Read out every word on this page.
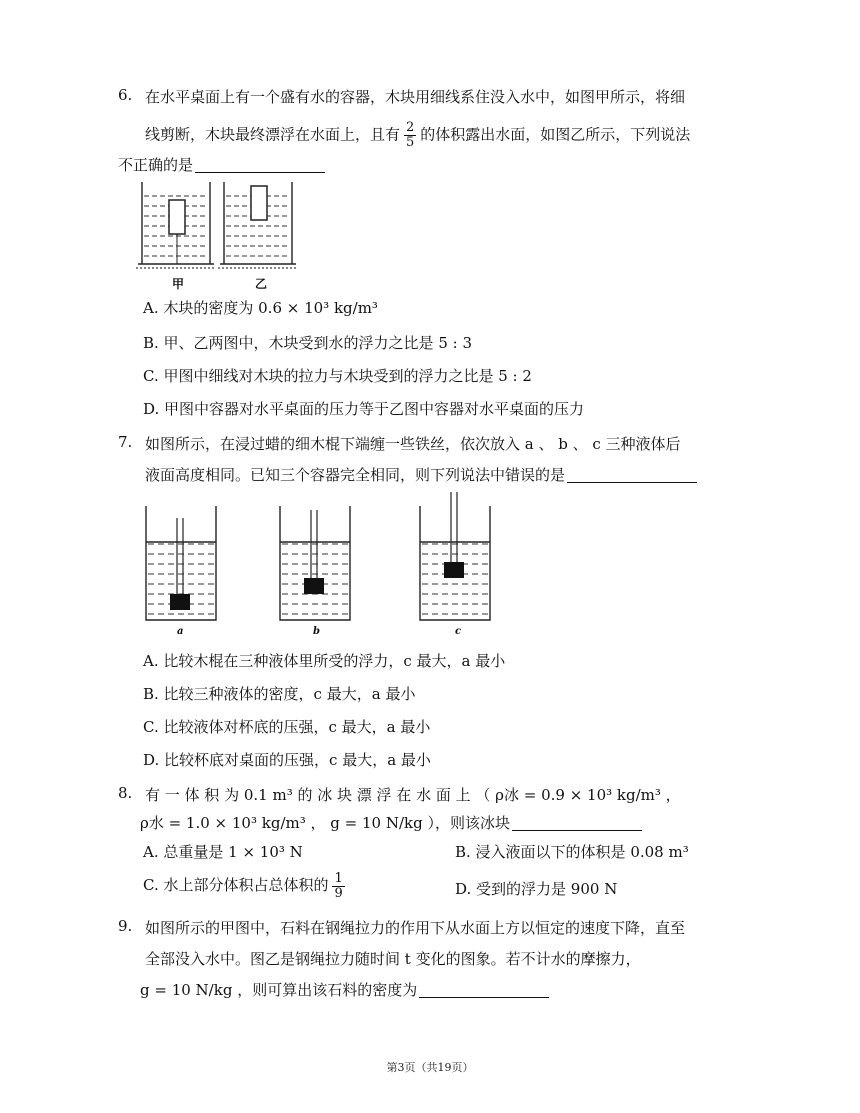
6. 在水平桌面上有一个盛有水的容器，木块用细线系住没入水中，如图甲所示，将细
线剪断，木块最终漂浮在水面上，且有 $\frac{2}{5}$ 的体积露出水面，如图乙所示，下列说法
不正确的是
甲	乙
A. 木块的密度为 0.6 × 10³ kg/m³
B. 甲、乙两图中，木块受到水的浮力之比是 5 : 3
C. 甲图中细线对木块的拉力与木块受到的浮力之比是 5 : 2
D. 甲图中容器对水平桌面的压力等于乙图中容器对水平桌面的压力
7. 如图所示，在浸过蜡的细木棍下端缠一些铁丝，依次放入 a 、 b 、 c 三种液体后
液面高度相同。已知三个容器完全相同，则下列说法中错误的是
a	b	c
A. 比较木棍在三种液体里所受的浮力，c 最大，a 最小
B. 比较三种液体的密度，c 最大，a 最小
C. 比较液体对杯底的压强，c 最大，a 最小
D. 比较杯底对桌面的压强，c 最大，a 最小
8. 有 一 体 积 为 0.1 m³ 的 冰 块 漂 浮 在 水 面 上 （ ρ冰 = 0.9 × 10³ kg/m³ ，
ρ水 = 1.0 × 10³ kg/m³ ， g = 10 N/kg ），则该冰块
A. 总重量是 1 × 10³ N	B. 浸入液面以下的体积是 0.08 m³
C. 水上部分体积占总体积的 $\frac{1}{9}$	D. 受到的浮力是 900 N
9. 如图所示的甲图中，石料在钢绳拉力的作用下从水面上方以恒定的速度下降，直至
全部没入水中。图乙是钢绳拉力随时间 t 变化的图象。若不计水的摩擦力，
g = 10 N/kg ，则可算出该石料的密度为
第3页（共19页）
